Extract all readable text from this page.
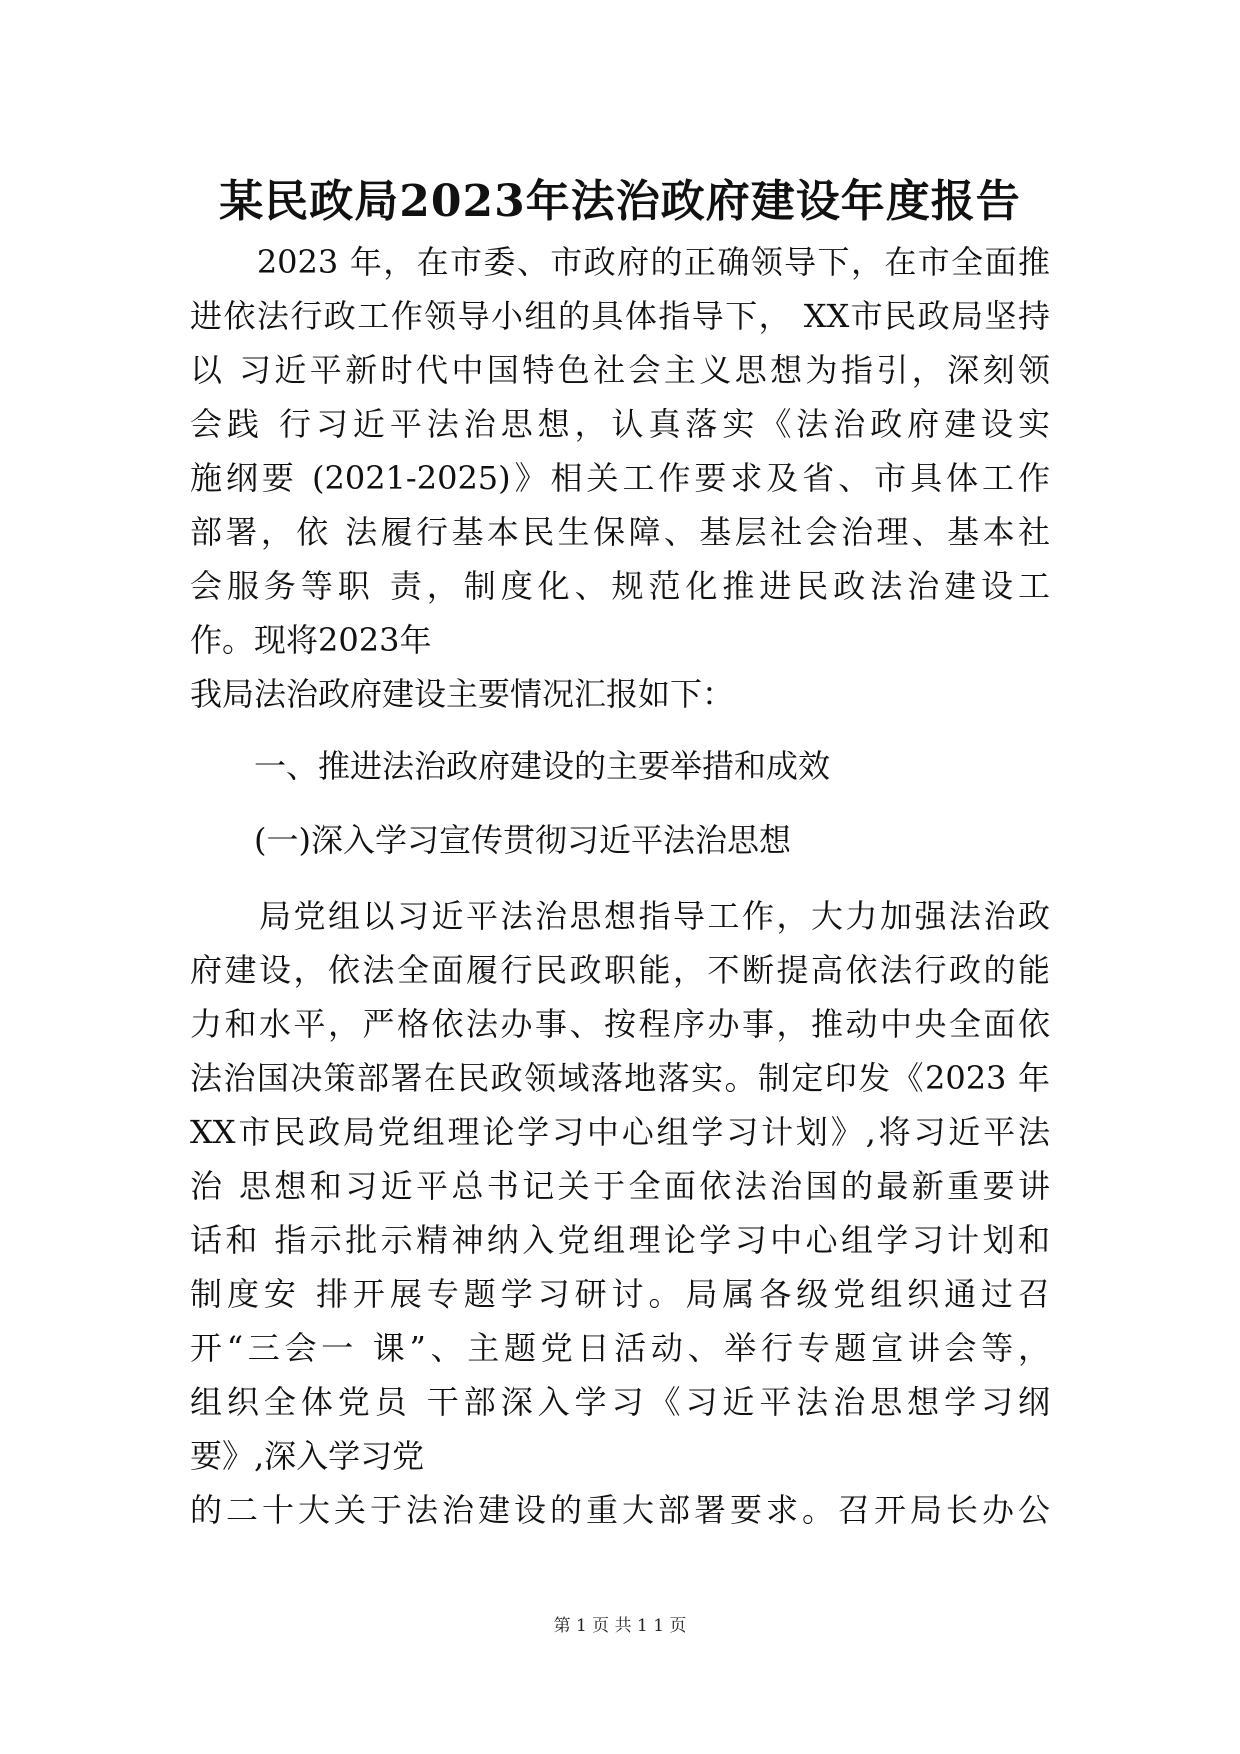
某民政局2023年法治政府建设年度报告

　　2023 年，在市委、市政府的正确领导下，在市全面推

进依法行政工作领导小组的具体指导下， XX市民政局坚持

以 习近平新时代中国特色社会主义思想为指引，深刻领

会践 行习近平法治思想，认真落实《法治政府建设实

施纲要 (2021-2025)》相关工作要求及省、市具体工作

部署，依 法履行基本民生保障、基层社会治理、基本社

会服务等职 责，制度化、规范化推进民政法治建设工

作。现将2023年

我局法治政府建设主要情况汇报如下：

　　一、推进法治政府建设的主要举措和成效

　　(一)深入学习宣传贯彻习近平法治思想

　　局党组以习近平法治思想指导工作，大力加强法治政

府建设，依法全面履行民政职能，不断提高依法行政的能

力和水平，严格依法办事、按程序办事，推动中央全面依

法治国决策部署在民政领域落地落实。制定印发《2023 年

XX市民政局党组理论学习中心组学习计划》,将习近平法

治 思想和习近平总书记关于全面依法治国的最新重要讲

话和 指示批示精神纳入党组理论学习中心组学习计划和

制度安 排开展专题学习研讨。局属各级党组织通过召

开“三会一 课”、主题党日活动、举行专题宣讲会等，

组织全体党员 干部深入学习《习近平法治思想学习纲

要》,深入学习党

的二十大关于法治建设的重大部署要求。召开局长办公

第 1 页 共 1 1 页
